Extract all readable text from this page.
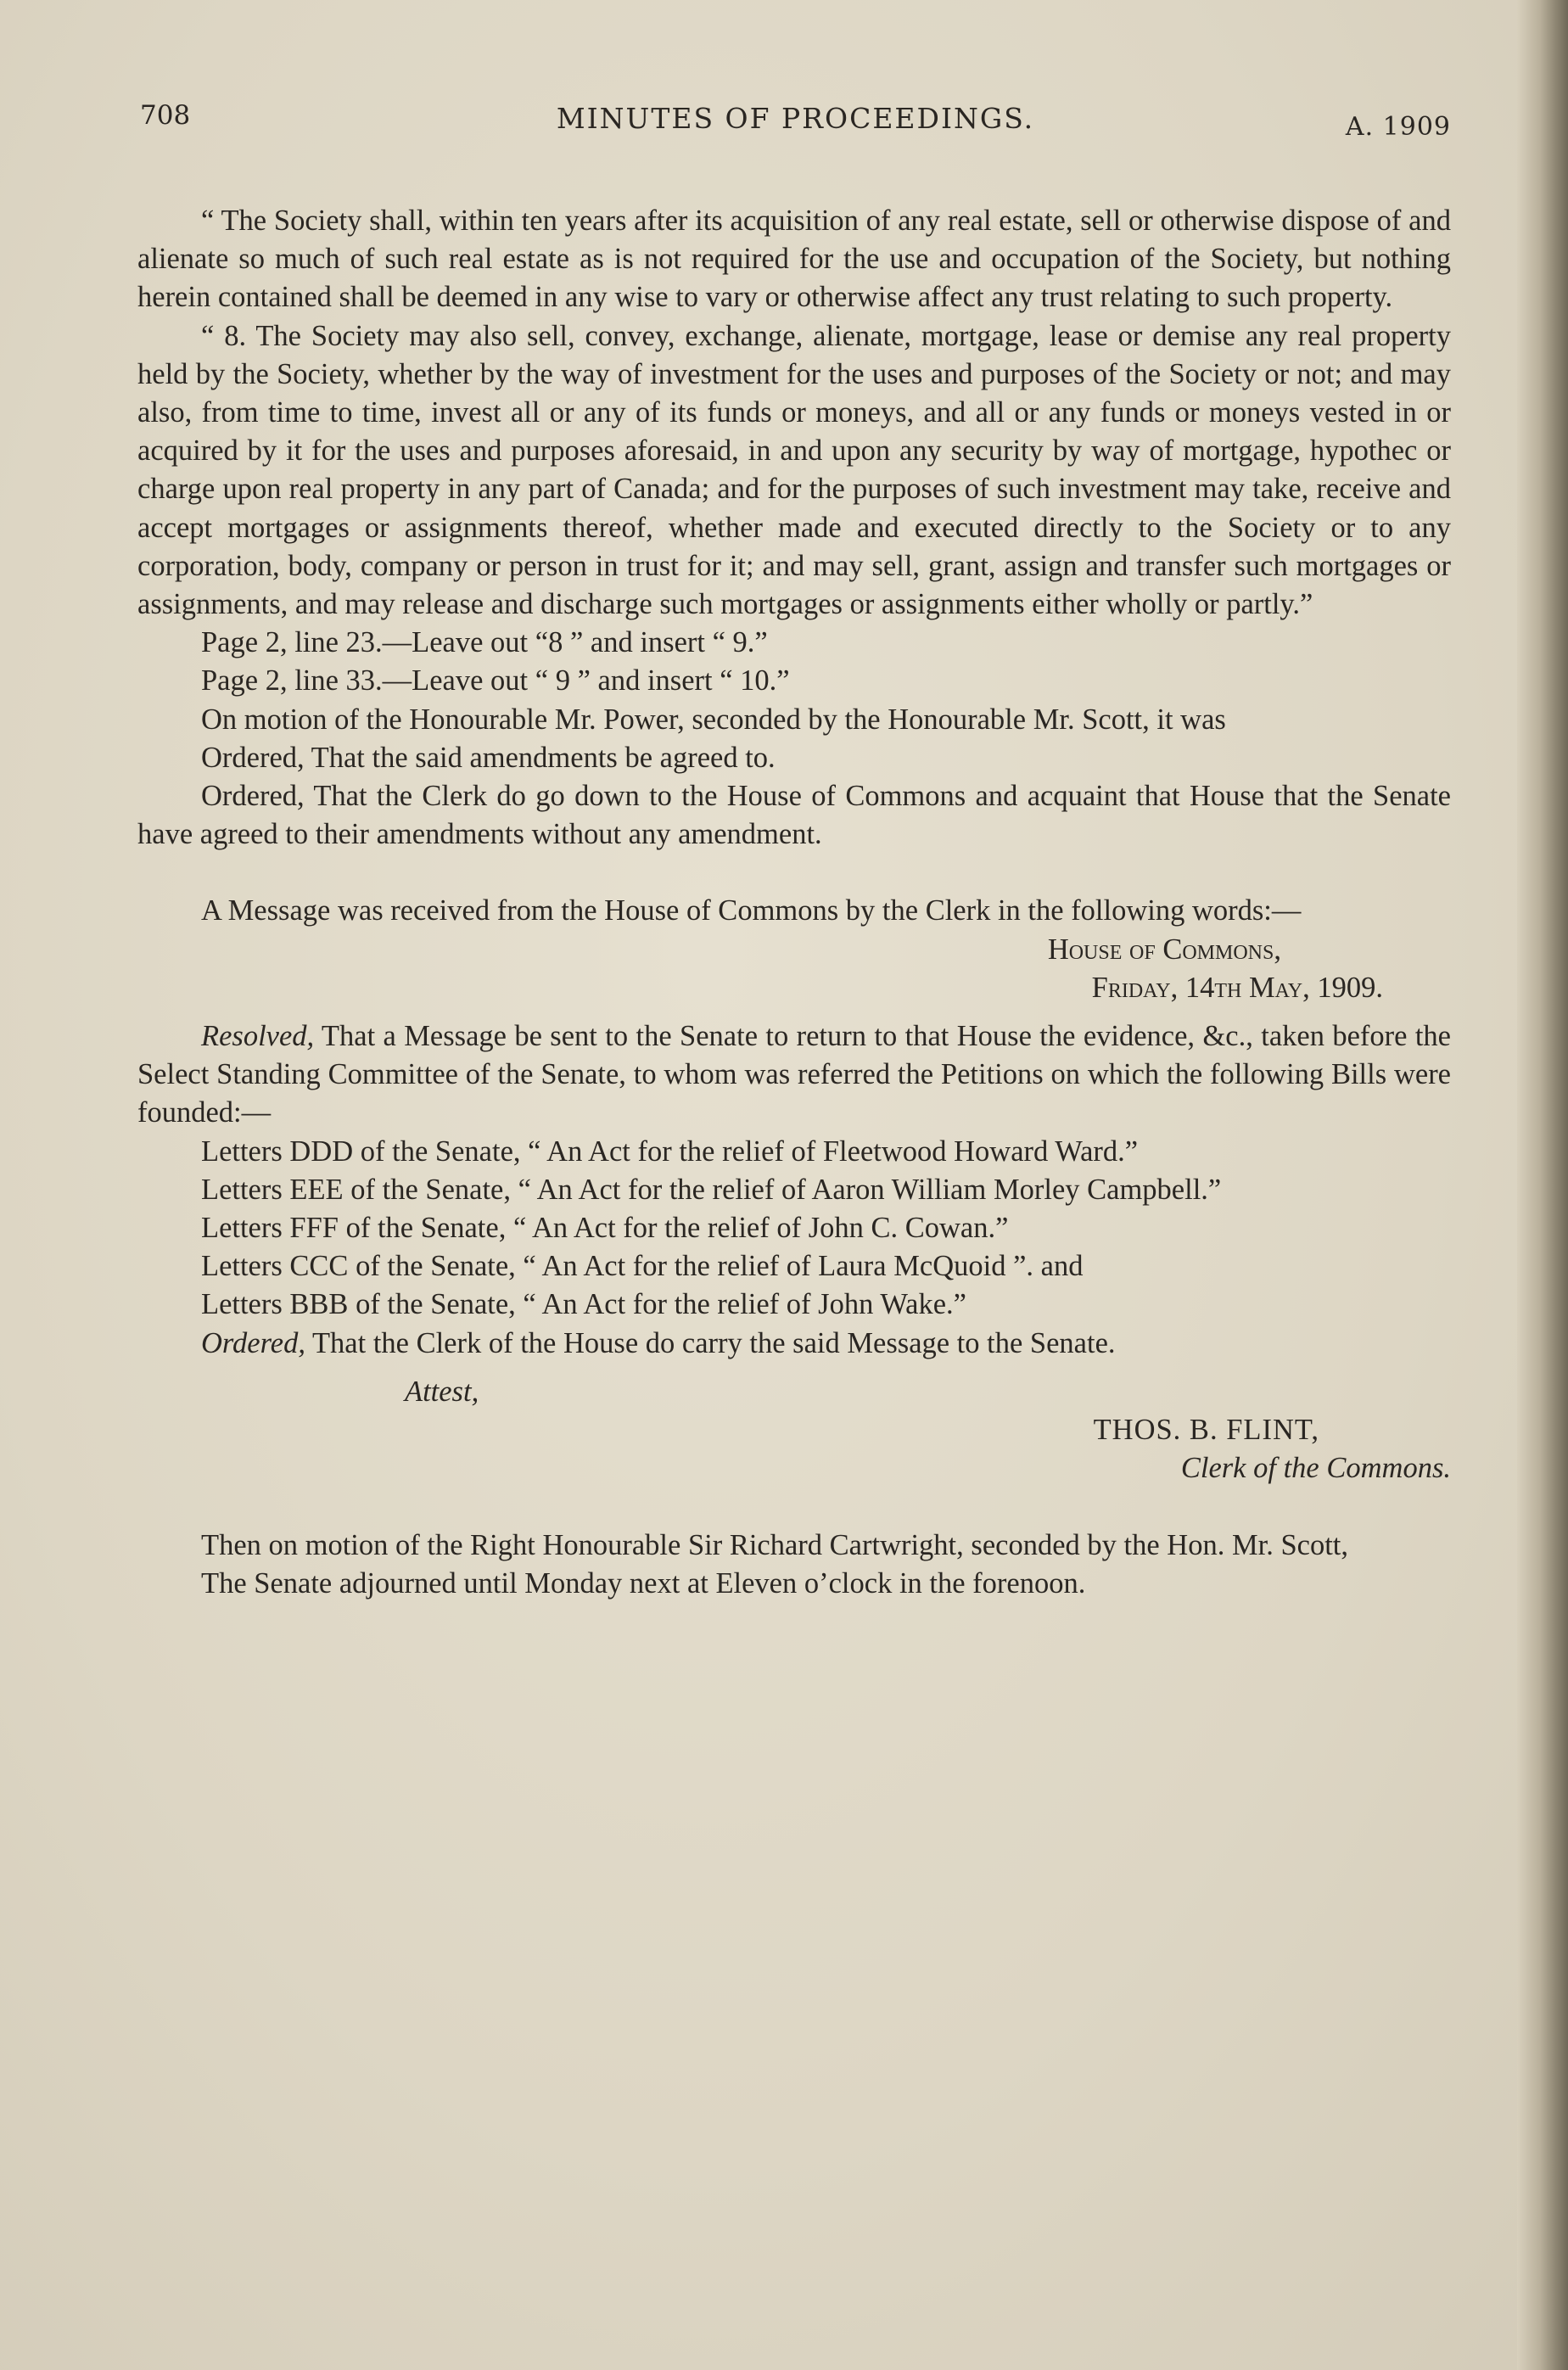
708	MINUTES OF PROCEEDINGS.	A. 1909

“ The Society shall, within ten years after its acquisition of any real estate, sell or otherwise dispose of and alienate so much of such real estate as is not required for the use and occupation of the Society, but nothing herein contained shall be deemed in any wise to vary or otherwise affect any trust relating to such property.

“ 8. The Society may also sell, convey, exchange, alienate, mortgage, lease or demise any real property held by the Society, whether by the way of investment for the uses and purposes of the Society or not; and may also, from time to time, invest all or any of its funds or moneys, and all or any funds or moneys vested in or acquired by it for the uses and purposes aforesaid, in and upon any security by way of mortgage, hypothec or charge upon real property in any part of Canada; and for the purposes of such investment may take, receive and accept mortgages or assignments thereof, whether made and executed directly to the Society or to any corporation, body, company or person in trust for it; and may sell, grant, assign and transfer such mortgages or assignments, and may release and discharge such mortgages or assignments either wholly or partly.”

Page 2, line 23.—Leave out “8 ” and insert “ 9.”

Page 2, line 33.—Leave out “ 9 ” and insert “ 10.”

On motion of the Honourable Mr. Power, seconded by the Honourable Mr. Scott, it was

Ordered, That the said amendments be agreed to.

Ordered, That the Clerk do go down to the House of Commons and acquaint that House that the Senate have agreed to their amendments without any amendment.

A Message was received from the House of Commons by the Clerk in the following words:—

House of Commons,

Friday, 14th May, 1909.

Resolved, That a Message be sent to the Senate to return to that House the evidence, &c., taken before the Select Standing Committee of the Senate, to whom was referred the Petitions on which the following Bills were founded:—

Letters DDD of the Senate, “ An Act for the relief of Fleetwood Howard Ward.”

Letters EEE of the Senate, “ An Act for the relief of Aaron William Morley Campbell.”

Letters FFF of the Senate, “ An Act for the relief of John C. Cowan.”

Letters CCC of the Senate, “ An Act for the relief of Laura McQuoid ”. and

Letters BBB of the Senate, “ An Act for the relief of John Wake.”

Ordered, That the Clerk of the House do carry the said Message to the Senate.

Attest,

THOS. B. FLINT,

Clerk of the Commons.

Then on motion of the Right Honourable Sir Richard Cartwright, seconded by the Hon. Mr. Scott,

The Senate adjourned until Monday next at Eleven o’clock in the forenoon.
